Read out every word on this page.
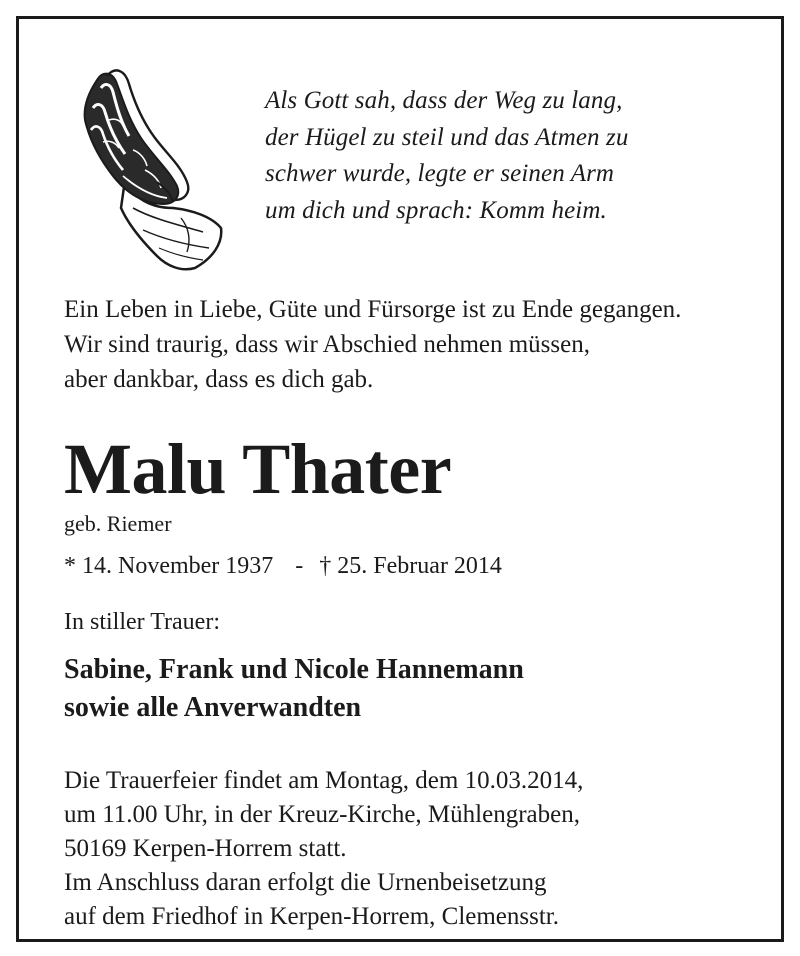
Als Gott sah, dass der Weg zu lang,
der Hügel zu steil und das Atmen zu
schwer wurde, legte er seinen Arm
um dich und sprach: Komm heim.
Ein Leben in Liebe, Güte und Fürsorge ist zu Ende gegangen.
Wir sind traurig, dass wir Abschied nehmen müssen,
aber dankbar, dass es dich gab.
Malu Thater
geb. Riemer
* 14. November 1937 - † 25. Februar 2014
In stiller Trauer:
Sabine, Frank und Nicole Hannemann
sowie alle Anverwandten
Die Trauerfeier findet am Montag, dem 10.03.2014,
um 11.00 Uhr, in der Kreuz-Kirche, Mühlengraben,
50169 Kerpen-Horrem statt.
Im Anschluss daran erfolgt die Urnenbeisetzung
auf dem Friedhof in Kerpen-Horrem, Clemensstr.
